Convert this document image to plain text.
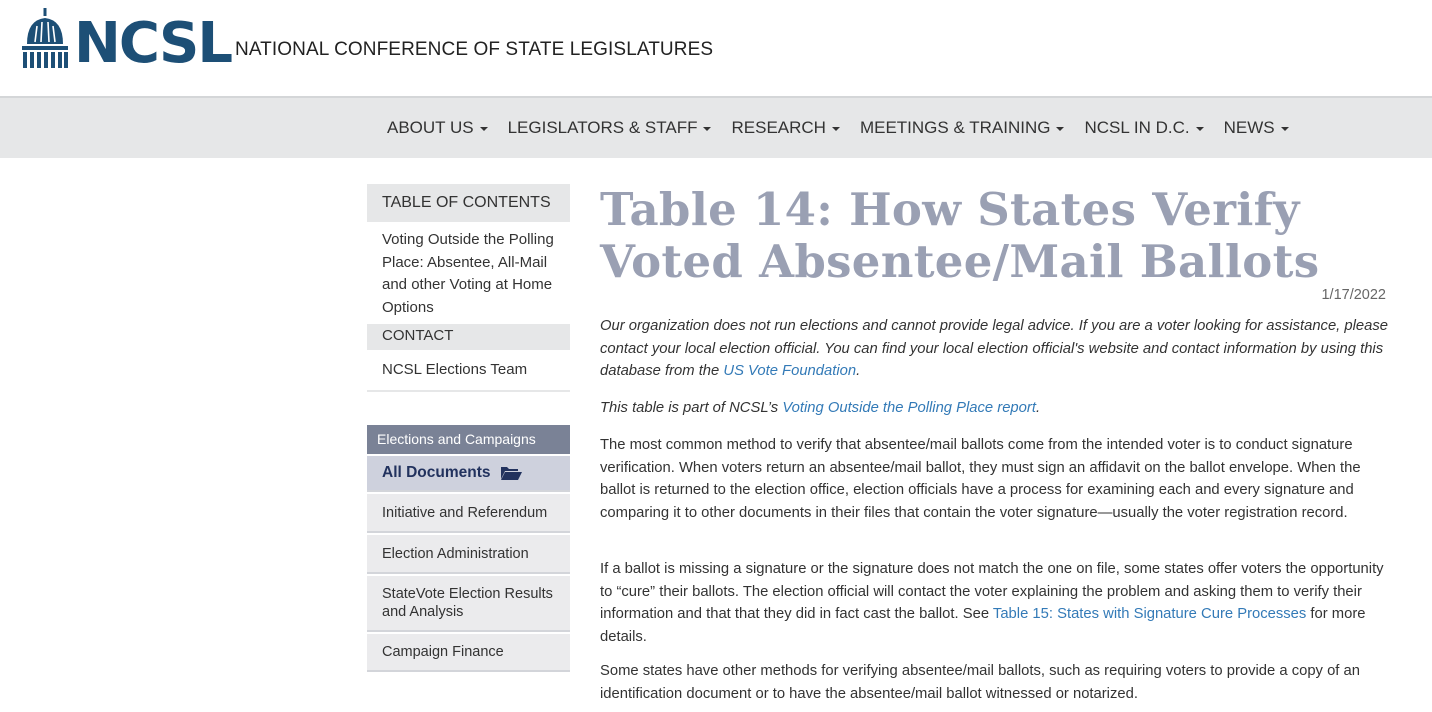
NCSL NATIONAL CONFERENCE OF STATE LEGISLATURES
ABOUT US LEGISLATORS & STAFF RESEARCH MEETINGS & TRAINING NCSL IN D.C. NEWS
TABLE OF CONTENTS
Voting Outside the Polling Place: Absentee, All-Mail and other Voting at Home Options
CONTACT
NCSL Elections Team
Elections and Campaigns
All Documents
Initiative and Referendum
Election Administration
StateVote Election Results and Analysis
Campaign Finance
Table 14: How States Verify Voted Absentee/Mail Ballots
1/17/2022

Our organization does not run elections and cannot provide legal advice. If you are a voter looking for assistance, please contact your local election official. You can find your local election official's website and contact information by using this database from the US Vote Foundation.

This table is part of NCSL’s Voting Outside the Polling Place report.

The most common method to verify that absentee/mail ballots come from the intended voter is to conduct signature verification. When voters return an absentee/mail ballot, they must sign an affidavit on the ballot envelope. When the ballot is returned to the election office, election officials have a process for examining each and every signature and comparing it to other documents in their files that contain the voter signature—usually the voter registration record.

If a ballot is missing a signature or the signature does not match the one on file, some states offer voters the opportunity to “cure” their ballots. The election official will contact the voter explaining the problem and asking them to verify their information and that that they did in fact cast the ballot. See Table 15: States with Signature Cure Processes for more details.

Some states have other methods for verifying absentee/mail ballots, such as requiring voters to provide a copy of an identification document or to have the absentee/mail ballot witnessed or notarized.
